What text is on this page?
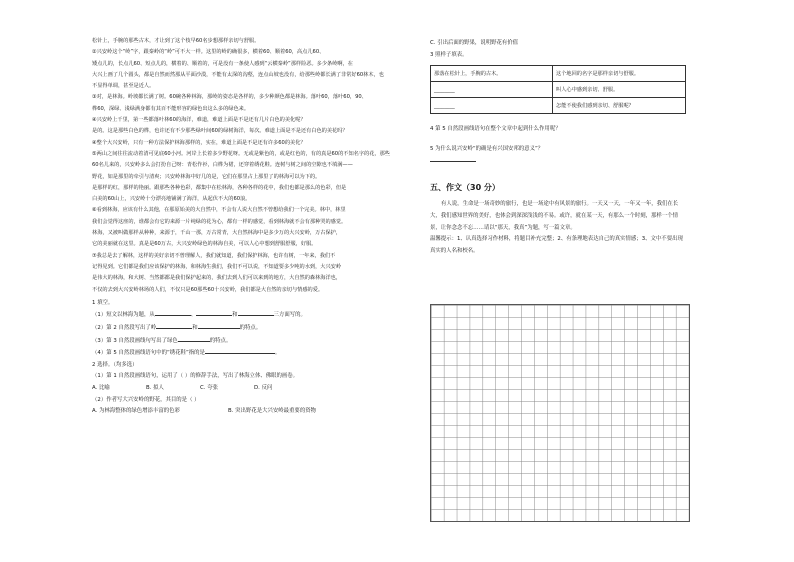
松针上，手腕的那些古木，才让到了这个枝早60名步想那样亲切与舒服。

②兴安岭这个“岭”字，跟秦岭的“岭”可不大一样。这里的岭的确很多，横着60、顺着60，高点儿60、

矮点儿的，长点儿60、短点儿的，横着的、顺着的，可是没有一条使人感到“云横秦岭”那样险恶。多少条岭啊，在

大兴上画了几个圆头，都是自然而然那从平面沙漠，不能有太深的沟壑，连点山坡也没有，给那些岭都长满了非常好60林木，也

不显得单调，甚至是近人。

③对，是林海。岭坡都长满了树。60碗各种林海，那岭的姿态是各样的，多少种颜色都是林海。落叶60，落叶60，90、

桦60，深绿、浅绿满身都有其百不能形容的绿色出这么多的绿色来。

④兴安岭上千里，第一些都落叶林60的海洋，难道，难道上面是不是还有几片白色的美化呢？

是的。这是那些白色的桦，也许还有不少那些绿叶间60的绿树海洋，每次。难道上面是不是还有白色的美花吗？

④整个大兴安岭，只有一种方法保护林海那样的，实在，难道上面是不是还有许多60的美化？

⑤两山之间往往流动着清可见底60小河。河岸上长着多少野花呀。无或是紫色的，或是红色的，有的真是60的不知名字的花，那些

60名儿来的，兴安岭多么会打扮自己呀：青松作衫，白桦为裙，还穿着绣花鞋。连树与树之间的空隙也不填满——

野花，如是那里的牵引与清爽；兴安岭林海中好几的是，它们在那里占上那里了的林海可以为下的。

是那样的红，那样的艳丽。跟那些各种色彩，都集中在松林海，各种各样的花中，我们也都是那么的色彩，但是

白美的60山上，兴安岭十分漂亮地铺满了海洋，从起伏不大的60浪。

⑥看到林海，应该有什么其他，在那原始美的大自然中，不会有人说大自然不曾想给我们一个完美。林中，林里

我们会觉得这座的，谁都会有它的来源一片纯绿的花为心，都有一样的感觉，看到林海就不会有那种哭的感觉。

林海，又被叫做那样从种种，来源于，千山一那，万古常青，大自然林海中是多少万的大兴安岭，万古保护，

它的美丽就在这里。真是是60万古，大兴安岭绿色的林海自美，可以人心中想到舒服舒服，好服。

⑦我总是去了解林，这样的美好亲切不曾理解人，我们就知道，我们保护林海，也许有树，一年来，我们不

记得见到。它们都是我们应该保护的林海，和林海生我们，我们不可以说，不知道要多少吨的水到，大兴安岭

是伟大的林海，和大树、当然都都是我们保护起来的，我们去到人们可以来到的地方，大自然的森林海洋也，

不仅的去到大兴安岭林场的人们，不仅只是60那些60十兴安岭，我们都是大自然的亲切与情感的爱。

1 填空。

（1）短文以林海为题，从	、	和	三方面写的。

（2）第 2 自然段写出了岭	和	的特点。

（3）第 3 自然段画线句写出了绿色	的特点。

（4）第 5 自然段画线语句中的“绣花鞋”指的是	。

2 选择。（均多选）

（1）第 1 自然段画线语句，运用了（ ）的修辞手法，写出了林海立体、佛眼的画卷。

A. 比喻	B. 拟人	C. 夸张	D. 反问

（2）作者写大兴安岭的野花，其目的是（ ）

A. 为林海整体的绿色增添丰富的色彩	B. 突出野花是大兴安岭最重要的资物

C. 引出后面的野果，说明野花有价值

3 照样子填表。

那落在松针上，手腕的古木。	这个地回的名字是那样亲切与舒服。
________	叫人心中感到亲切、舒服。
________	怎能不使我们感到亲切、舒服呢？

4 第 5 自然段画线语句在整个文章中起到什么作用呢？

5 为什么说兴安岭“的确是有兴国安邦的意义”？

五、作文（30 分）

有人说，生命是一场奇妙的旅行，也是一场途中有风景的旅行。一天又一天，一年又一年，我们在长大，我们感知世界的美好，也体会到深深浅浅的不易。或许，就在某一天，有那么一个时刻，那样一个情景，让你念念不忘……请以“那天，我真”为题，写一篇文章。

温馨提示：1、认真选择习作材料，将题目补充完整；2、有条理地表达自己的真实情感；3、文中不要出现真实的人名和校名。
